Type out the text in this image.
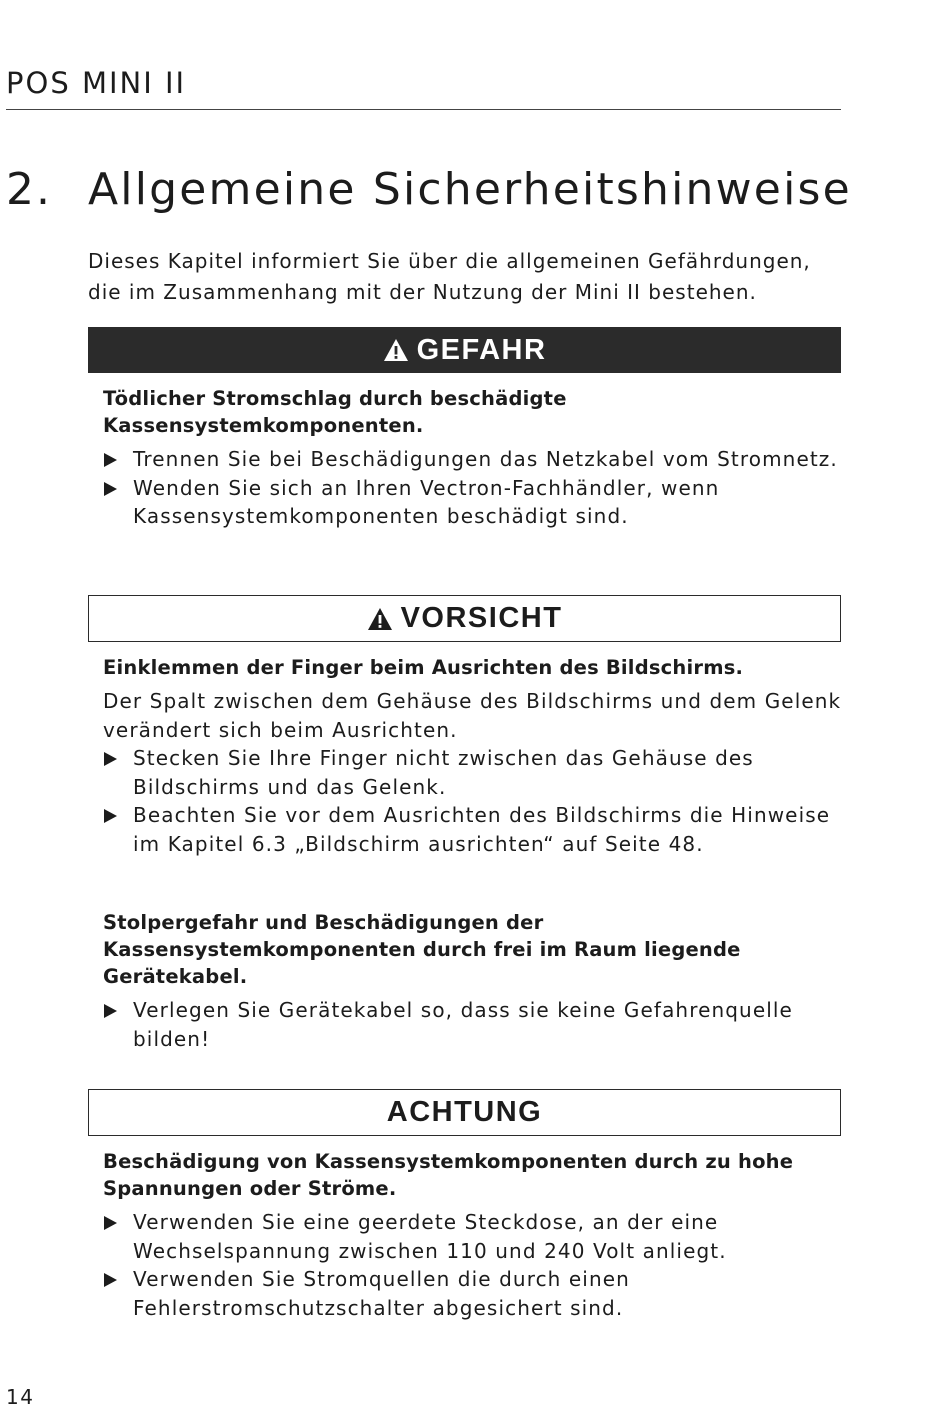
POS MINI II
2. Allgemeine Sicherheitshinweise
Dieses Kapitel informiert Sie über die allgemeinen Gefährdungen, die im Zusammenhang mit der Nutzung der Mini II bestehen.
GEFAHR

Tödlicher Stromschlag durch beschädigte Kassensystemkomponenten.

Trennen Sie bei Beschädigungen das Netzkabel vom Stromnetz.
Wenden Sie sich an Ihren Vectron-Fachhändler, wenn Kassensystemkomponenten beschädigt sind.
VORSICHT

Einklemmen der Finger beim Ausrichten des Bildschirms.

Der Spalt zwischen dem Gehäuse des Bildschirms und dem Gelenk verändert sich beim Ausrichten.

Stecken Sie Ihre Finger nicht zwischen das Gehäuse des Bildschirms und das Gelenk.
Beachten Sie vor dem Ausrichten des Bildschirms die Hinweise im Kapitel 6.3 „Bildschirm ausrichten“ auf Seite 48.

Stolpergefahr und Beschädigungen der Kassensystemkomponenten durch frei im Raum liegende Gerätekabel.

Verlegen Sie Gerätekabel so, dass sie keine Gefahrenquelle bilden!
ACHTUNG

Beschädigung von Kassensystemkomponenten durch zu hohe Spannungen oder Ströme.

Verwenden Sie eine geerdete Steckdose, an der eine Wechselspannung zwischen 110 und 240 Volt anliegt.
Verwenden Sie Stromquellen die durch einen Fehlerstromschutzschalter abgesichert sind.
14
